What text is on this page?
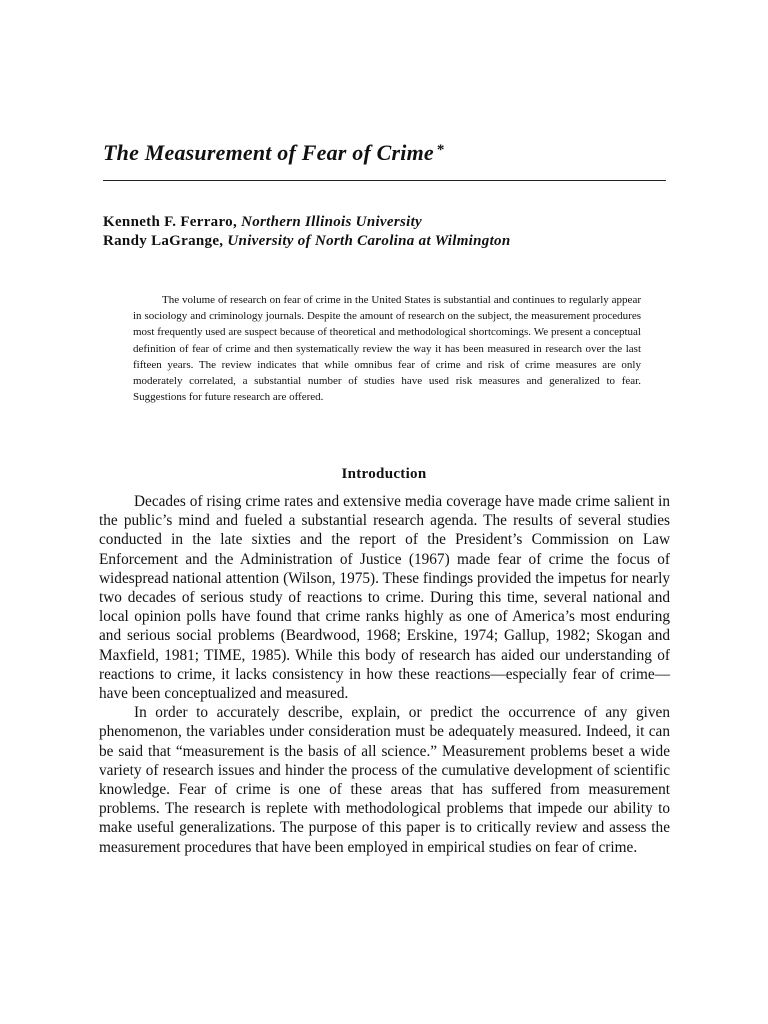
The Measurement of Fear of Crime *
Kenneth F. Ferraro, Northern Illinois University
Randy LaGrange, University of North Carolina at Wilmington

The volume of research on fear of crime in the United States is substantial and continues to regularly appear in sociology and criminology journals. Despite the amount of research on the subject, the measurement procedures most frequently used are suspect because of theoretical and methodological shortcomings. We present a conceptual definition of fear of crime and then systematically review the way it has been measured in research over the last fifteen years. The review indicates that while omnibus fear of crime and risk of crime measures are only moderately correlated, a substantial number of studies have used risk measures and generalized to fear. Suggestions for future research are offered.

Introduction

Decades of rising crime rates and extensive media coverage have made crime salient in the public’s mind and fueled a substantial research agenda. The results of several studies conducted in the late sixties and the report of the President’s Commission on Law Enforcement and the Administration of Justice (1967) made fear of crime the focus of widespread national attention (Wilson, 1975). These findings provided the impetus for nearly two decades of serious study of reactions to crime. During this time, several national and local opinion polls have found that crime ranks highly as one of America’s most enduring and serious social problems (Beardwood, 1968; Erskine, 1974; Gallup, 1982; Skogan and Maxfield, 1981; TIME, 1985). While this body of research has aided our understanding of reactions to crime, it lacks consistency in how these reactions—especially fear of crime—have been conceptualized and measured.

In order to accurately describe, explain, or predict the occurrence of any given phenomenon, the variables under consideration must be adequately measured. Indeed, it can be said that “measurement is the basis of all science.” Measurement problems beset a wide variety of research issues and hinder the process of the cumulative development of scientific knowledge. Fear of crime is one of these areas that has suffered from measurement problems. The research is replete with methodological problems that impede our ability to make useful generalizations. The purpose of this paper is to critically review and assess the measurement procedures that have been employed in empirical studies on fear of crime.
